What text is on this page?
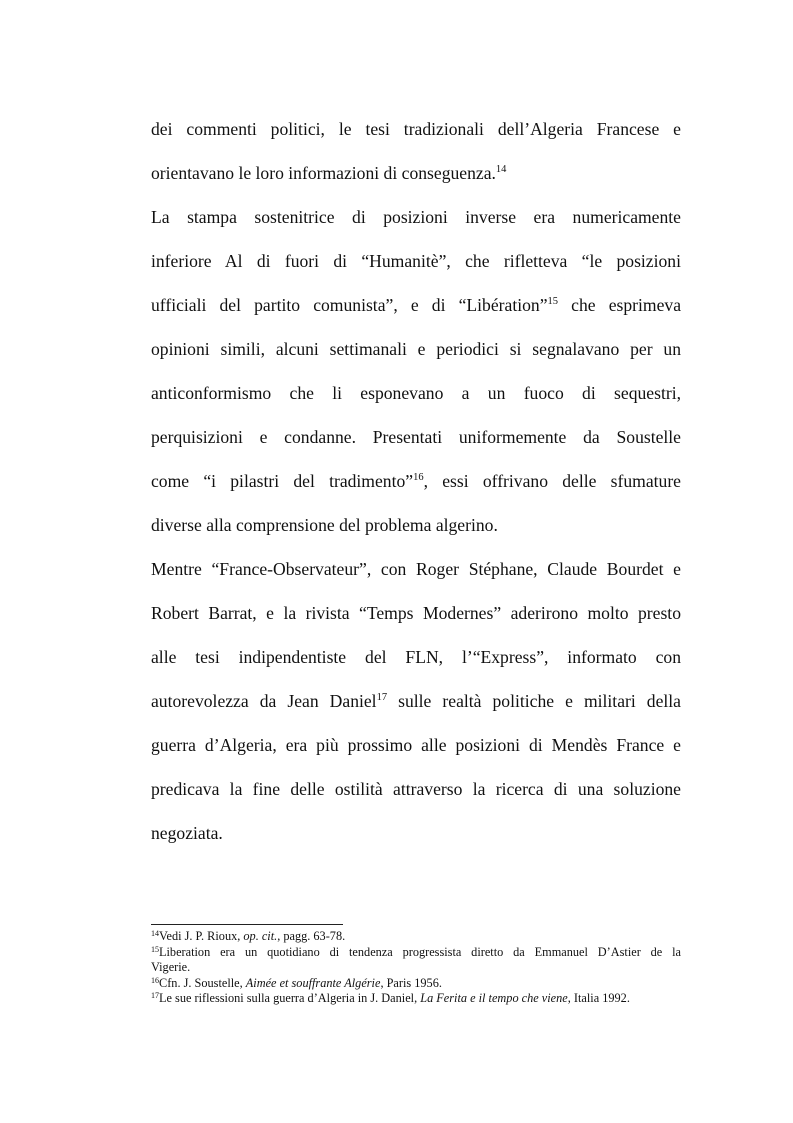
dei commenti politici, le tesi tradizionali dell’Algeria Francese e
orientavano le loro informazioni di conseguenza.$^{14}$
La stampa sostenitrice di posizioni inverse era numericamente
inferiore Al di fuori di “Humanitè”, che rifletteva “le posizioni
ufficiali del partito comunista”, e di “Libération”$^{15}$ che esprimeva
opinioni simili, alcuni settimanali e periodici si segnalavano per un
anticonformismo che li esponevano a un fuoco di sequestri,
perquisizioni e condanne. Presentati uniformemente da Soustelle
come “i pilastri del tradimento”$^{16}$, essi offrivano delle sfumature
diverse alla comprensione del problema algerino.
Mentre “France-Observateur”, con Roger Stéphane, Claude Bourdet e
Robert Barrat, e la rivista “Temps Modernes” aderirono molto presto
alle tesi indipendentiste del FLN, l’“Express”, informato con
autorevolezza da Jean Daniel$^{17}$ sulle realtà politiche e militari della
guerra d’Algeria, era più prossimo alle posizioni di Mendès France e
predicava la fine delle ostilità attraverso la ricerca di una soluzione
negoziata.
$^{14}$Vedi J. P. Rioux, op. cit., pagg. 63-78.
$^{15}$Liberation era un quotidiano di tendenza progressista diretto da Emmanuel D’Astier de la
Vigerie.
$^{16}$Cfn. J. Soustelle, Aimée et souffrante Algérie, Paris 1956.
$^{17}$Le sue riflessioni sulla guerra d’Algeria in J. Daniel, La Ferita e il tempo che viene, Italia 1992.
